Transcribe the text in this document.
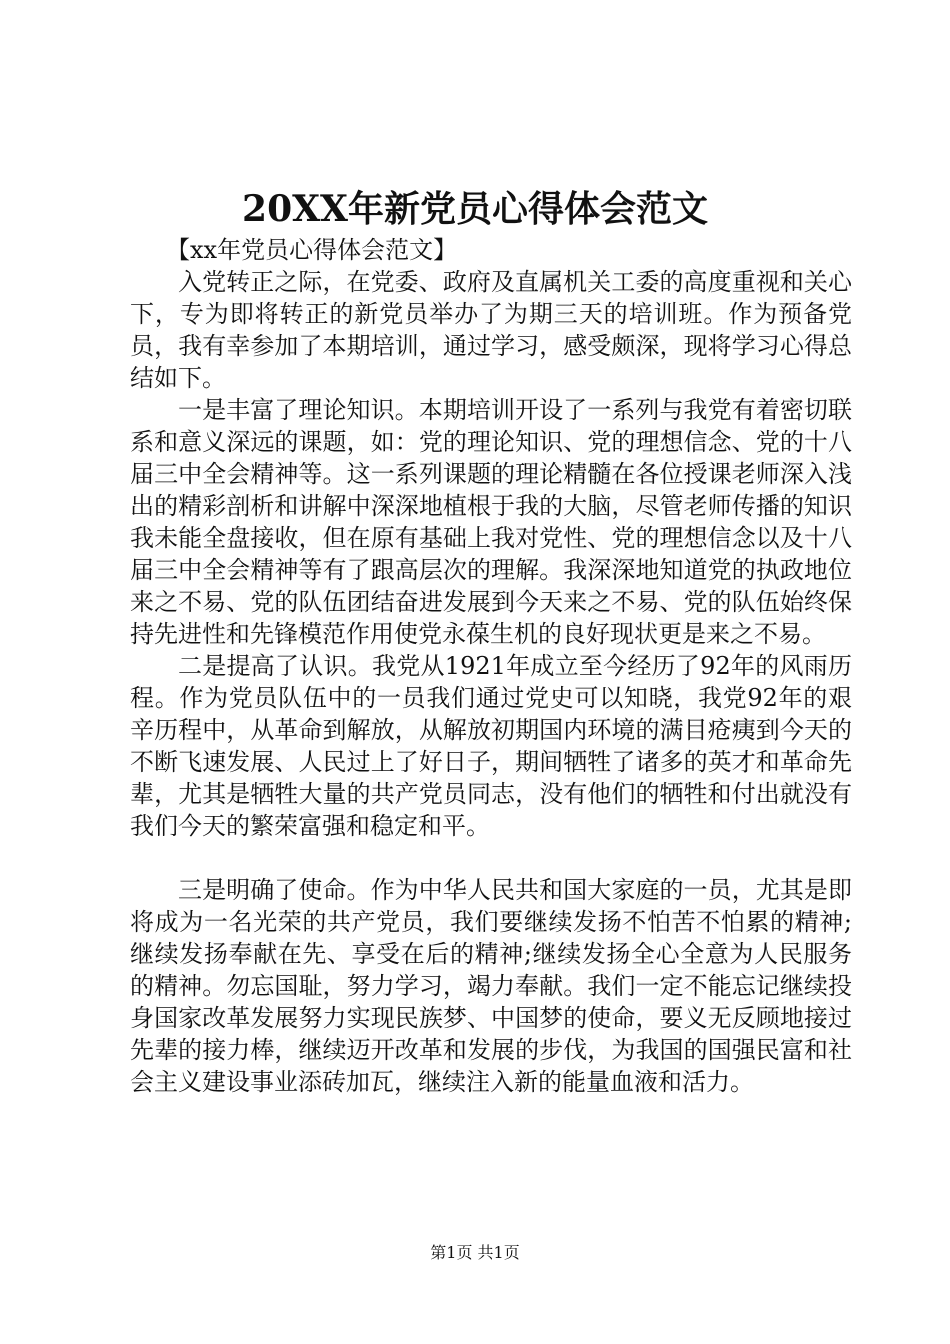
20XX年新党员心得体会范文

【xx年党员心得体会范文】

入党转正之际，在党委、政府及直属机关工委的高度重视和关心下，专为即将转正的新党员举办了为期三天的培训班。作为预备党员，我有幸参加了本期培训，通过学习，感受颇深，现将学习心得总结如下。

一是丰富了理论知识。本期培训开设了一系列与我党有着密切联系和意义深远的课题，如：党的理论知识、党的理想信念、党的十八届三中全会精神等。这一系列课题的理论精髓在各位授课老师深入浅出的精彩剖析和讲解中深深地植根于我的大脑，尽管老师传播的知识我未能全盘接收，但在原有基础上我对党性、党的理想信念以及十八届三中全会精神等有了跟高层次的理解。我深深地知道党的执政地位来之不易、党的队伍团结奋进发展到今天来之不易、党的队伍始终保持先进性和先锋模范作用使党永葆生机的良好现状更是来之不易。

二是提高了认识。我党从1921年成立至今经历了92年的风雨历程。作为党员队伍中的一员我们通过党史可以知晓，我党92年的艰辛历程中，从革命到解放，从解放初期国内环境的满目疮痍到今天的不断飞速发展、人民过上了好日子，期间牺牲了诸多的英才和革命先辈，尤其是牺牲大量的共产党员同志，没有他们的牺牲和付出就没有我们今天的繁荣富强和稳定和平。

三是明确了使命。作为中华人民共和国大家庭的一员，尤其是即将成为一名光荣的共产党员，我们要继续发扬不怕苦不怕累的精神;继续发扬奉献在先、享受在后的精神;继续发扬全心全意为人民服务的精神。勿忘国耻，努力学习，竭力奉献。我们一定不能忘记继续投身国家改革发展努力实现民族梦、中国梦的使命，要义无反顾地接过先辈的接力棒，继续迈开改革和发展的步伐，为我国的国强民富和社会主义建设事业添砖加瓦，继续注入新的能量血液和活力。

第1页 共1页
